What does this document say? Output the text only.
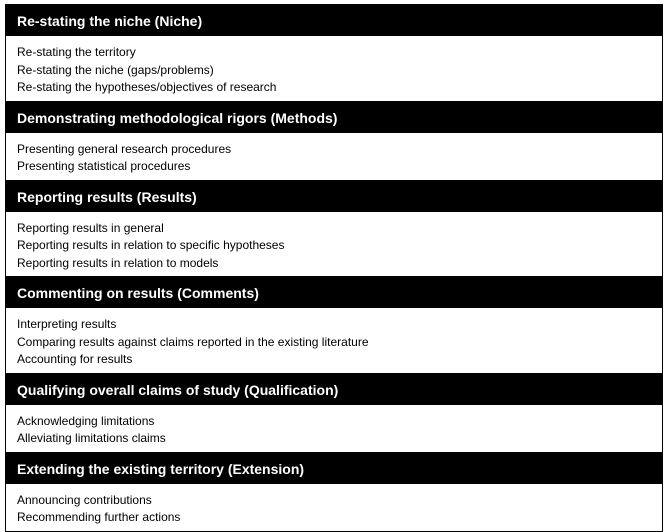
Re-stating the niche (Niche)
Re-stating the territory
Re-stating the niche (gaps/problems)
Re-stating the hypotheses/objectives of research
Demonstrating methodological rigors (Methods)
Presenting general research procedures
Presenting statistical procedures
Reporting results (Results)
Reporting results in general
Reporting results in relation to specific hypotheses
Reporting results in relation to models
Commenting on results (Comments)
Interpreting results
Comparing results against claims reported in the existing literature
Accounting for results
Qualifying overall claims of study (Qualification)
Acknowledging limitations
Alleviating limitations claims
Extending the existing territory (Extension)
Announcing contributions
Recommending further actions
